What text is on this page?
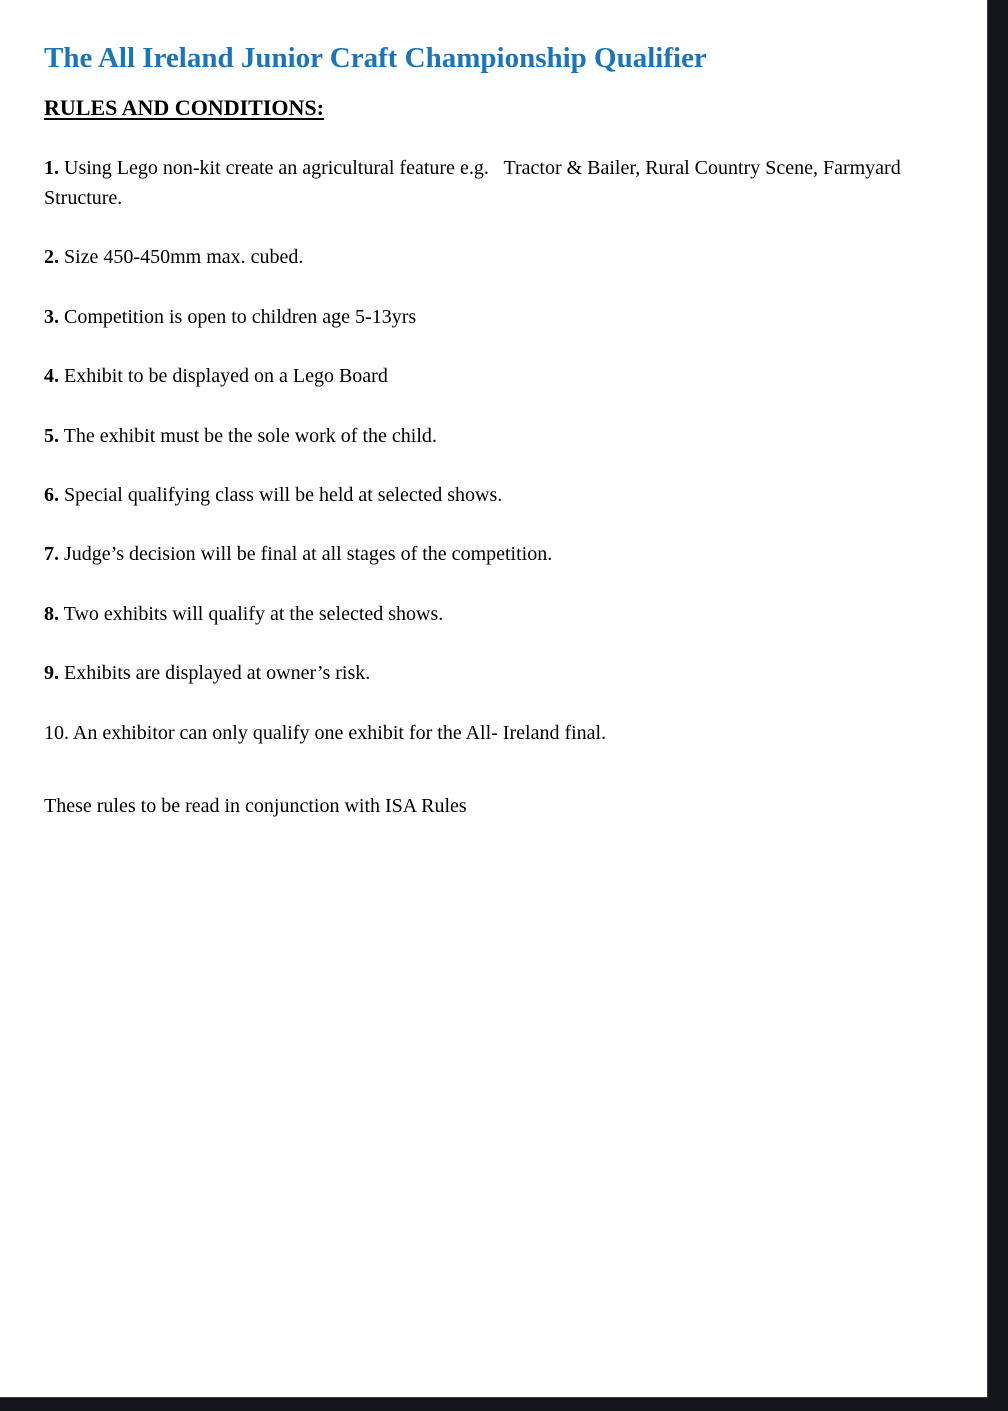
The All Ireland Junior Craft Championship Qualifier
RULES AND CONDITIONS:

1. Using Lego non-kit create an agricultural feature e.g.   Tractor & Bailer, Rural Country Scene, Farmyard Structure.

2. Size 450-450mm max. cubed.

3. Competition is open to children age 5-13yrs

4. Exhibit to be displayed on a Lego Board

5. The exhibit must be the sole work of the child.

6. Special qualifying class will be held at selected shows.

7. Judge’s decision will be final at all stages of the competition.

8. Two exhibits will qualify at the selected shows.

9. Exhibits are displayed at owner’s risk.

10. An exhibitor can only qualify one exhibit for the All- Ireland final.

These rules to be read in conjunction with ISA Rules
